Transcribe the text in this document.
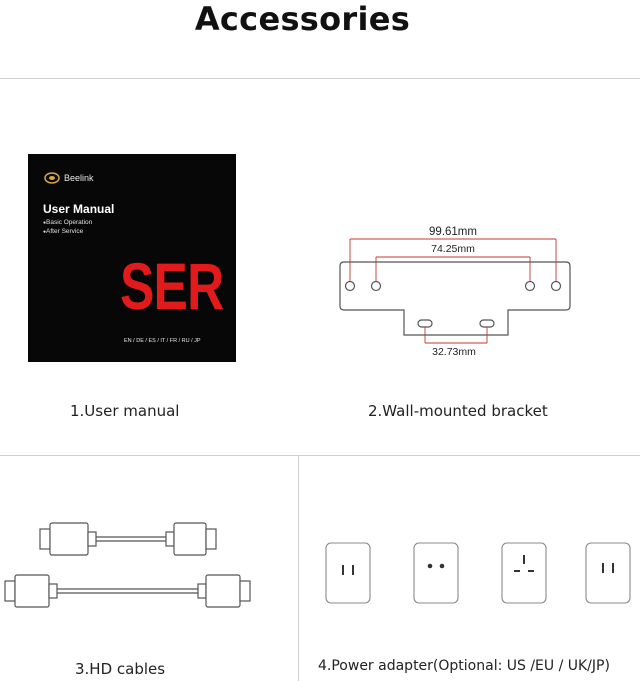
Accessories
Beelink
User Manual
● Basic Operation
● After Service
SER
EN / DE / ES / IT / FR / RU / JP
99.61mm
74.25mm
32.73mm
1.User manual	2.Wall-mounted bracket
3.HD cables	4.Power adapter(Optional: US /EU / UK/JP)
